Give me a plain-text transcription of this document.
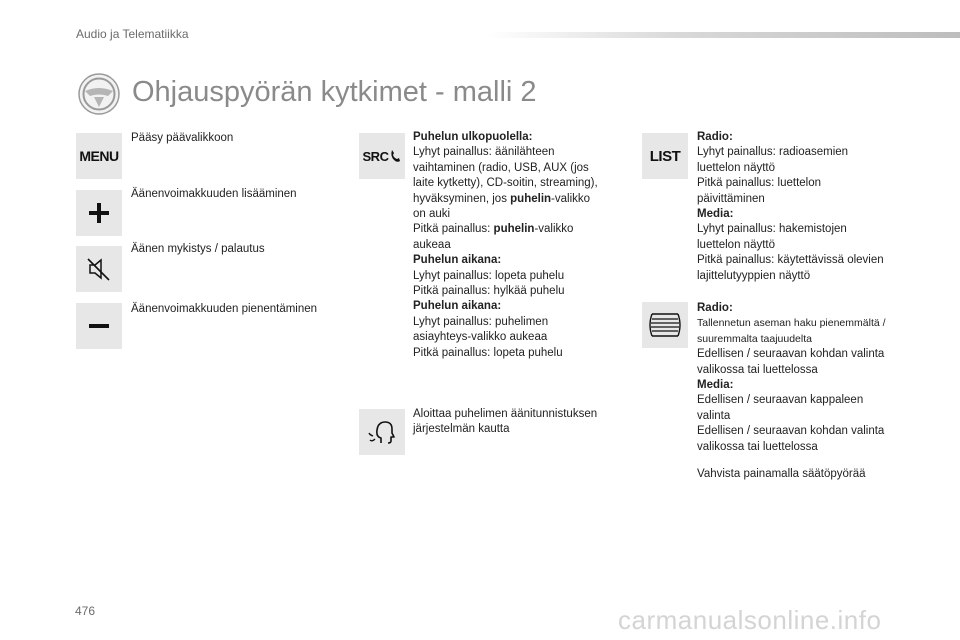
Audio ja Telematiikka
Ohjauspyörän kytkimet - malli 2
MENU
Pääsy päävalikkoon
Äänenvoimakkuuden lisääminen
Äänen mykistys / palautus
Äänenvoimakkuuden pienentäminen
SRC
Puhelun ulkopuolella:
Lyhyt painallus: äänilähteen
vaihtaminen (radio, USB, AUX (jos
laite kytketty), CD-soitin, streaming),
hyväksyminen, jos puhelin-valikko
on auki
Pitkä painallus: puhelin-valikko
aukeaa
Puhelun aikana:
Lyhyt painallus: lopeta puhelu
Pitkä painallus: hylkää puhelu
Puhelun aikana:
Lyhyt painallus: puhelimen
asiayhteys-valikko aukeaa
Pitkä painallus: lopeta puhelu
Aloittaa puhelimen äänitunnistuksen
järjestelmän kautta
LIST
Radio:
Lyhyt painallus: radioasemien
luettelon näyttö
Pitkä painallus: luettelon
päivittäminen
Media:
Lyhyt painallus: hakemistojen
luettelon näyttö
Pitkä painallus: käytettävissä olevien
lajittelutyyppien näyttö
Radio:
Tallennetun aseman haku pienemmältä /
suuremmalta taajuudelta
Edellisen / seuraavan kohdan valinta
valikossa tai luettelossa
Media:
Edellisen / seuraavan kappaleen
valinta
Edellisen / seuraavan kohdan valinta
valikossa tai luettelossa
Vahvista painamalla säätöpyörää
476	carmanualsonline.info
